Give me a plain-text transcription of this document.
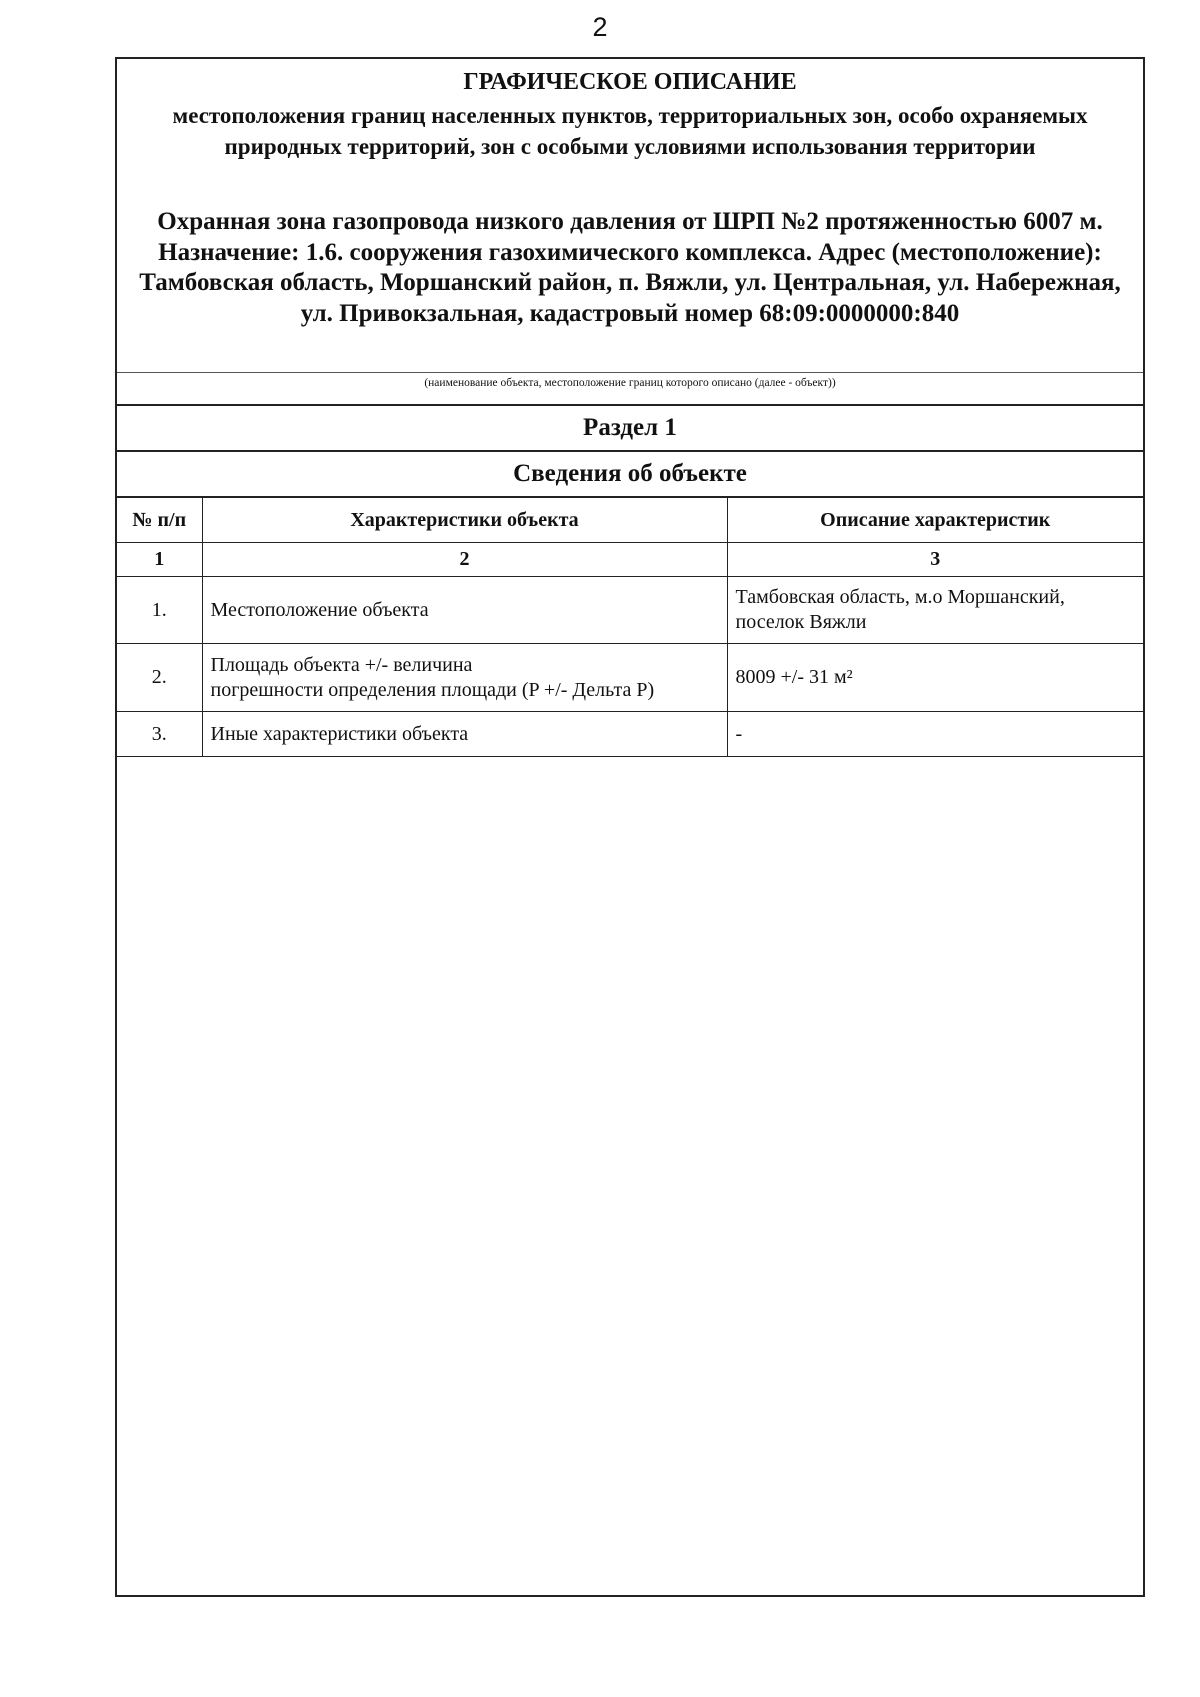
2
ГРАФИЧЕСКОЕ ОПИСАНИЕ
местоположения границ населенных пунктов, территориальных зон, особо охраняемых природных территорий, зон с особыми условиями использования территории
Охранная зона газопровода низкого давления от ШРП №2 протяженностью 6007 м. Назначение: 1.6. сооружения газохимического комплекса. Адрес (местоположение): Тамбовская область, Моршанский район, п. Вяжли, ул. Центральная, ул. Набережная, ул. Привокзальная, кадастровый номер 68:09:0000000:840
(наименование объекта, местоположение границ которого описано (далее - объект))
Раздел 1
Сведения об объекте
№ п/п	Характеристики объекта	Описание характеристик
1	2	3
1.	Местоположение объекта	Тамбовская область, м.о Моршанский,
поселок Вяжли
2.	Площадь объекта +/- величина
погрешности определения площади (P +/- Дельта P)	8009 +/- 31 м²
3.	Иные характеристики объекта	-
